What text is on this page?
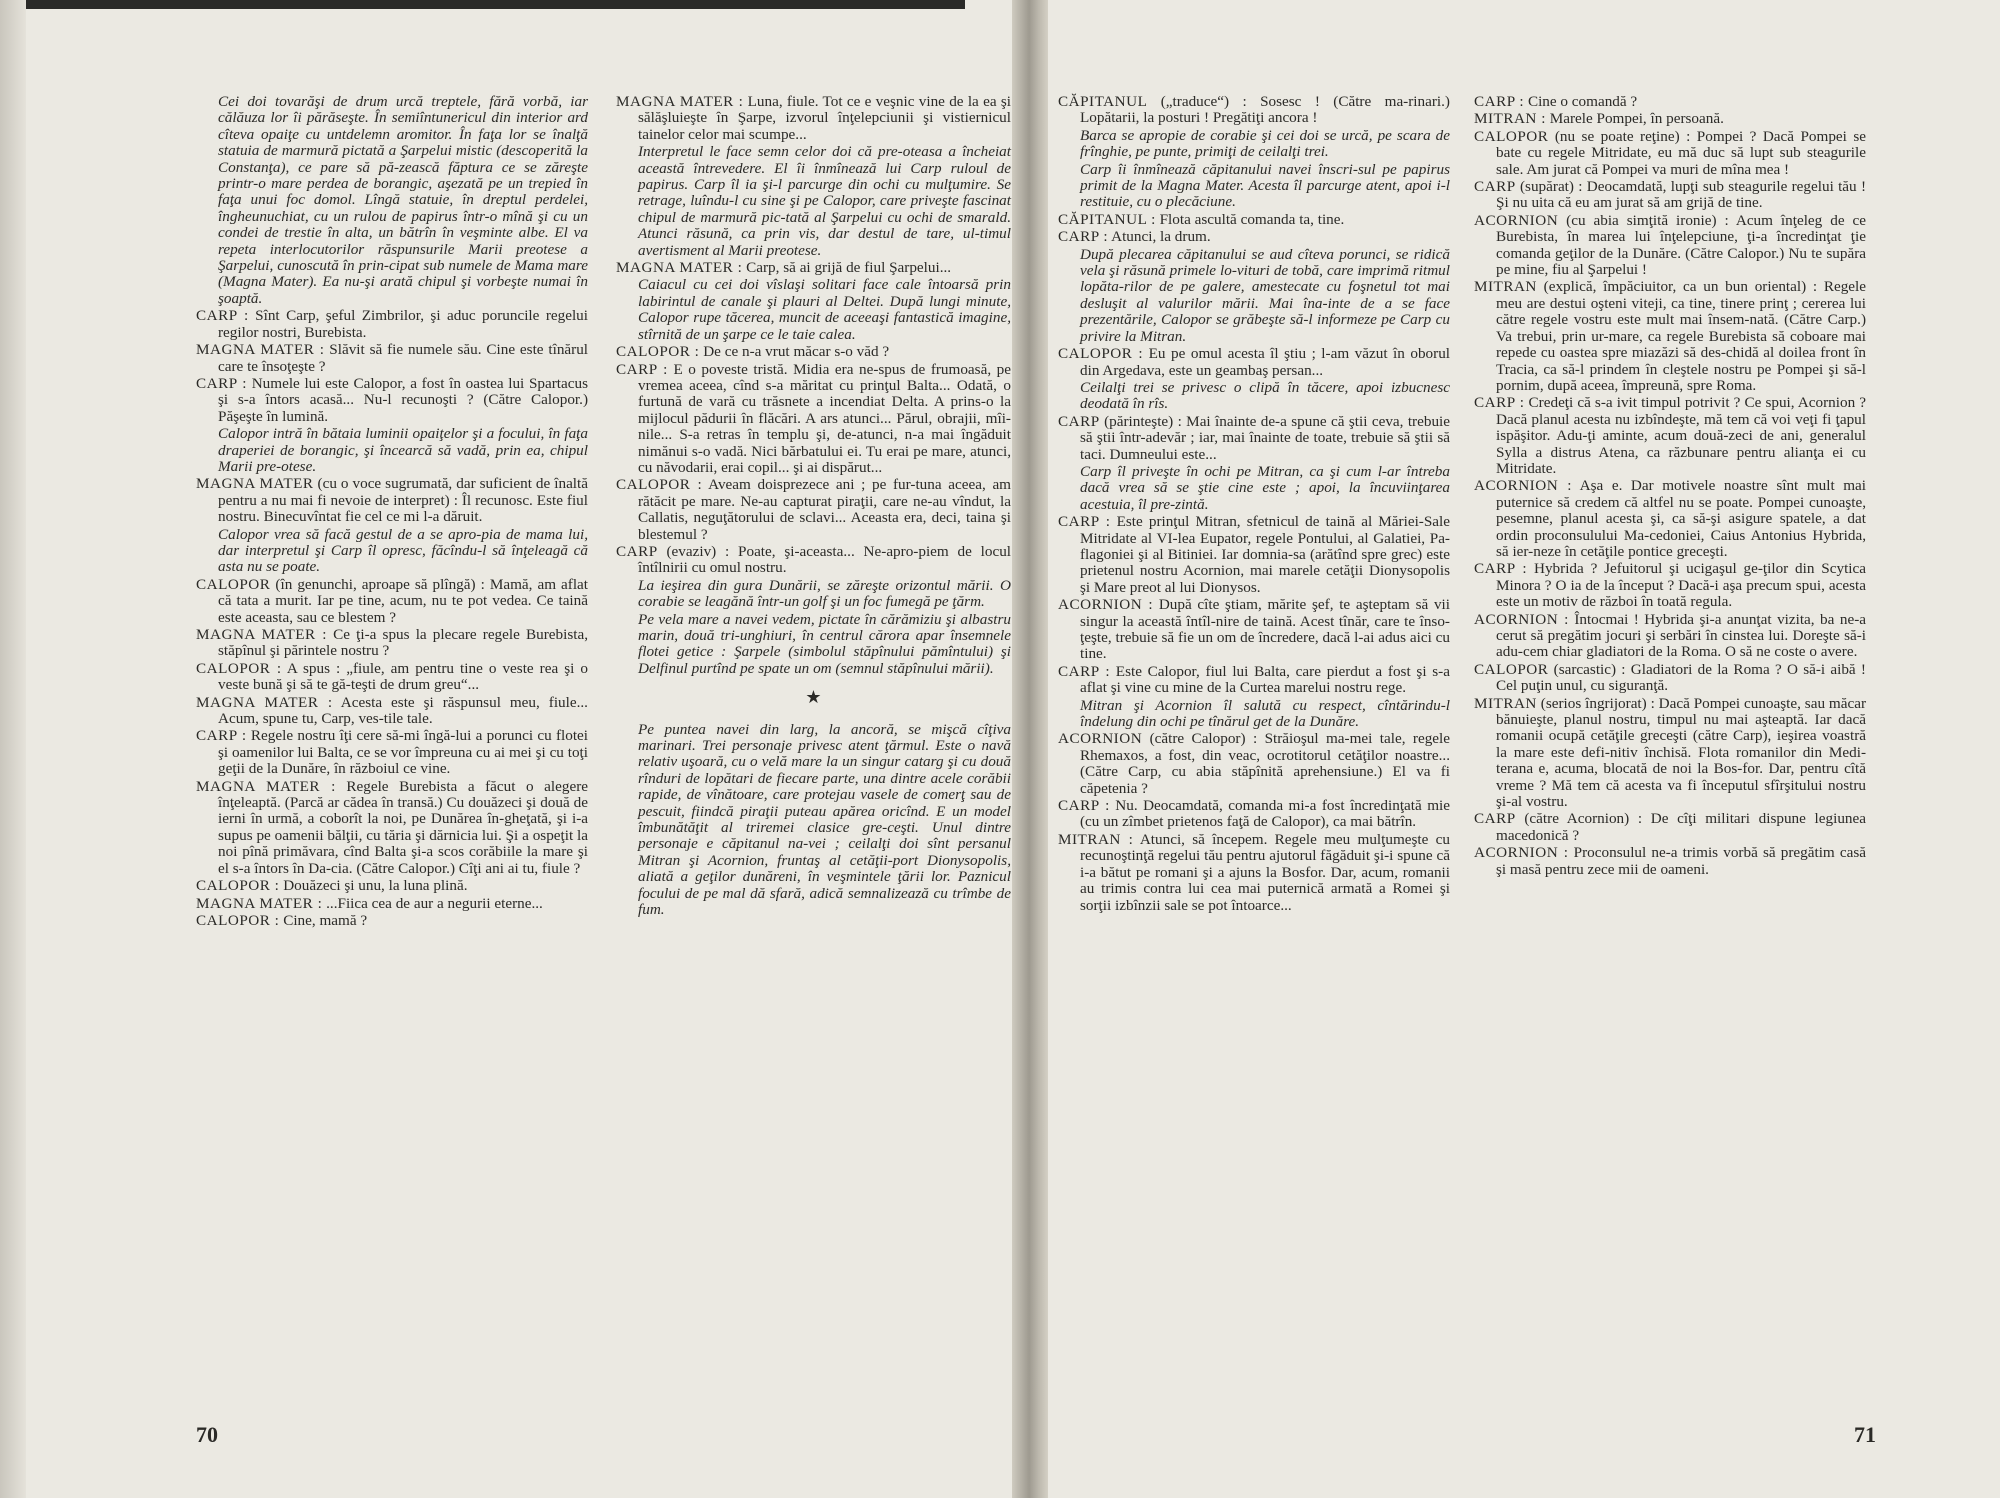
Cei doi tovarăşi de drum urcă treptele, fără vorbă, iar călăuza lor îi părăseşte. În semiîntunericul din interior ard cîteva opaiţe cu untdelemn aromitor. În faţa lor se înalţă statuia de marmură pictată a Şarpelui mistic (descoperită la Constanţa), ce pare să pă-zească făptura ce se zăreşte printr-o mare perdea de borangic, aşezată pe un trepied în faţa unui foc domol. Lîngă statuie, în dreptul perdelei, îngheunuchiat, cu un rulou de papirus într-o mînă şi cu un condei de trestie în alta, un bătrîn în veşminte albe. El va repeta interlocutorilor răspunsurile Marii preotese a Şarpelui, cunoscută în prin-cipat sub numele de Mama mare (Magna Mater). Ea nu-şi arată chipul şi vorbeşte numai în şoaptă.

CARP : Sînt Carp, şeful Zimbrilor, şi aduc poruncile regelui regilor nostri, Burebista.

MAGNA MATER : Slăvit să fie numele său. Cine este tînărul care te însoţeşte ?

CARP : Numele lui este Calopor, a fost în oastea lui Spartacus şi s-a întors acasă... Nu-l recunoşti ? (Către Calopor.) Păşeşte în lumină.

Calopor intră în bătaia luminii opaiţelor şi a focului, în faţa draperiei de borangic, şi încearcă să vadă, prin ea, chipul Marii pre-otese.

MAGNA MATER (cu o voce sugrumată, dar suficient de înaltă pentru a nu mai fi nevoie de interpret) : Îl recunosc. Este fiul nostru. Binecuvîntat fie cel ce mi l-a dăruit.

Calopor vrea să facă gestul de a se apro-pia de mama lui, dar interpretul şi Carp îl opresc, făcîndu-l să înţeleagă că asta nu se poate.

CALOPOR (în genunchi, aproape să plîngă) : Mamă, am aflat că tata a murit. Iar pe tine, acum, nu te pot vedea. Ce taină este aceasta, sau ce blestem ?

MAGNA MATER : Ce ţi-a spus la plecare regele Burebista, stăpînul şi părintele nostru ?

CALOPOR : A spus : „fiule, am pentru tine o veste rea şi o veste bună şi să te gă-teşti de drum greu“...

MAGNA MATER : Acesta este şi răspunsul meu, fiule... Acum, spune tu, Carp, ves-tile tale.

CARP : Regele nostru îţi cere să-mi îngă-lui a porunci cu flotei şi oamenilor lui Balta, ce se vor împreuna cu ai mei şi cu toţi geţii de la Dunăre, în războiul ce vine.

MAGNA MATER : Regele Burebista a făcut o alegere înţeleaptă. (Parcă ar cădea în transă.) Cu douăzeci şi două de ierni în urmă, a coborît la noi, pe Dunărea în-gheţată, şi i-a supus pe oamenii bălţii, cu tăria şi dărnicia lui. Şi a ospeţit la noi pînă primăvara, cînd Balta şi-a scos corăbiile la mare şi el s-a întors în Da-cia. (Către Calopor.) Cîţi ani ai tu, fiule ?

CALOPOR : Douăzeci şi unu, la luna plină.

MAGNA MATER : ...Fiica cea de aur a negurii eterne...

CALOPOR : Cine, mamă ?

MAGNA MATER : Luna, fiule. Tot ce e veşnic vine de la ea şi sălăşluieşte în Şarpe, izvorul înţelepciunii şi vistiernicul tainelor celor mai scumpe...

Interpretul le face semn celor doi că pre-oteasa a încheiat această întrevedere. El îi înmînează lui Carp ruloul de papirus. Carp îl ia şi-l parcurge din ochi cu mulţumire. Se retrage, luîndu-l cu sine şi pe Calopor, care priveşte fascinat chipul de marmură pic-tată al Şarpelui cu ochi de smarald. Atunci răsună, ca prin vis, dar destul de tare, ul-timul avertisment al Marii preotese.

MAGNA MATER : Carp, să ai grijă de fiul Şarpelui...

Caiacul cu cei doi vîslaşi solitari face cale întoarsă prin labirintul de canale şi plauri al Deltei. După lungi minute, Calopor rupe tăcerea, muncit de aceeaşi fantastică imagine, stîrnită de un şarpe ce le taie calea.

CALOPOR : De ce n-a vrut măcar s-o văd ?

CARP : E o poveste tristă. Midia era ne-spus de frumoasă, pe vremea aceea, cînd s-a măritat cu prinţul Balta... Odată, o furtună de vară cu trăsnete a incendiat Delta. A prins-o la mijlocul pădurii în flăcări. A ars atunci... Părul, obrajii, mîi-nile... S-a retras în templu şi, de-atunci, n-a mai îngăduit nimănui s-o vadă. Nici bărbatului ei. Tu erai pe mare, atunci, cu năvodarii, erai copil... şi ai dispărut...

CALOPOR : Aveam doisprezece ani ; pe fur-tuna aceea, am rătăcit pe mare. Ne-au capturat piraţii, care ne-au vîndut, la Callatis, neguţătorului de sclavi... Aceasta era, deci, taina şi blestemul ?

CARP (evaziv) : Poate, şi-aceasta... Ne-apro-piem de locul întîlnirii cu omul nostru.

La ieşirea din gura Dunării, se zăreşte orizontul mării. O corabie se leagănă într-un golf şi un foc fumegă pe ţărm.

Pe vela mare a navei vedem, pictate în cărămiziu şi albastru marin, două tri-unghiuri, în centrul cărora apar însemnele flotei getice : Şarpele (simbolul stăpînului pămîntului) şi Delfinul purtînd pe spate un om (semnul stăpînului mării).

★

Pe puntea navei din larg, la ancoră, se mişcă cîţiva marinari. Trei personaje privesc atent ţărmul. Este o navă relativ uşoară, cu o velă mare la un singur catarg şi cu două rînduri de lopătari de fiecare parte, una dintre acele corăbii rapide, de vînătoare, care protejau vasele de comerţ sau de pescuit, fiindcă piraţii puteau apărea oricînd. E un model îmbunătăţit al triremei clasice gre-ceşti. Unul dintre personaje e căpitanul na-vei ; ceilalţi doi sînt persanul Mitran şi Acornion, fruntaş al cetăţii-port Dionysopolis, aliată a geţilor dunăreni, în veşmintele ţării lor. Paznicul focului de pe mal dă sfară, adică semnalizează cu trîmbe de fum.

70

CĂPITANUL („traduce“) : Sosesc ! (Către ma-rinari.) Lopătarii, la posturi ! Pregătiţi ancora !

Barca se apropie de corabie şi cei doi se urcă, pe scara de frînghie, pe punte, primiţi de ceilalţi trei.

Carp îi înmînează căpitanului navei înscri-sul pe papirus primit de la Magna Mater. Acesta îl parcurge atent, apoi i-l restituie, cu o plecăciune.

CĂPITANUL : Flota ascultă comanda ta, tine.

CARP : Atunci, la drum.

După plecarea căpitanului se aud cîteva porunci, se ridică vela şi răsună primele lo-vituri de tobă, care imprimă ritmul lopăta-rilor de pe galere, amestecate cu foşnetul tot mai desluşit al valurilor mării. Mai îna-inte de a se face prezentările, Calopor se grăbeşte să-l informeze pe Carp cu privire la Mitran.

CALOPOR : Eu pe omul acesta îl ştiu ; l-am văzut în oborul din Argedava, este un geambaş persan...

Ceilalţi trei se privesc o clipă în tăcere, apoi izbucnesc deodată în rîs.

CARP (părinteşte) : Mai înainte de-a spune că ştii ceva, trebuie să ştii într-adevăr ; iar, mai înainte de toate, trebuie să ştii să taci. Dumneului este...

Carp îl priveşte în ochi pe Mitran, ca şi cum l-ar întreba dacă vrea să se ştie cine este ; apoi, la încuviinţarea acestuia, îl pre-zintă.

CARP : Este prinţul Mitran, sfetnicul de taină al Măriei-Sale Mitridate al VI-lea Eupator, regele Pontului, al Galatiei, Pa-flagoniei şi al Bitiniei. Iar domnia-sa (arătînd spre grec) este prietenul nostru Acornion, mai marele cetăţii Dionysopolis şi Mare preot al lui Dionysos.

ACORNION : După cîte ştiam, mărite şef, te aşteptam să vii singur la această întîl-nire de taină. Acest tînăr, care te înso-ţeşte, trebuie să fie un om de încredere, dacă l-ai adus aici cu tine.

CARP : Este Calopor, fiul lui Balta, care pierdut a fost şi s-a aflat şi vine cu mine de la Curtea marelui nostru rege.

Mitran şi Acornion îl salută cu respect, cîntărindu-l îndelung din ochi pe tînărul get de la Dunăre.

ACORNION (către Calopor) : Străioşul ma-mei tale, regele Rhemaxos, a fost, din veac, ocrotitorul cetăţilor noastre... (Către Carp, cu abia stăpînită aprehensiune.) El va fi căpetenia ?

CARP : Nu. Deocamdată, comanda mi-a fost încredinţată mie (cu un zîmbet prietenos faţă de Calopor), ca mai bătrîn.

MITRAN : Atunci, să începem. Regele meu mulţumeşte cu recunoştinţă regelui tău pentru ajutorul făgăduit şi-i spune că i-a bătut pe romani şi a ajuns la Bosfor. Dar, acum, romanii au trimis contra lui cea mai puternică armată a Romei şi sorţii izbînzii sale se pot întoarce...

CARP : Cine o comandă ?

MITRAN : Marele Pompei, în persoană.

CALOPOR (nu se poate reţine) : Pompei ? Dacă Pompei se bate cu regele Mitridate, eu mă duc să lupt sub steagurile sale. Am jurat că Pompei va muri de mîna mea !

CARP (supărat) : Deocamdată, lupţi sub steagurile regelui tău ! Şi nu uita că eu am jurat să am grijă de tine.

ACORNION (cu abia simţită ironie) : Acum înţeleg de ce Burebista, în marea lui înţelepciune, ţi-a încredinţat ţie comanda geţilor de la Dunăre. (Către Calopor.) Nu te supăra pe mine, fiu al Şarpelui !

MITRAN (explică, împăciuitor, ca un bun oriental) : Regele meu are destui oşteni viteji, ca tine, tinere prinţ ; cererea lui către regele vostru este mult mai însem-nată. (Către Carp.) Va trebui, prin ur-mare, ca regele Burebista să coboare mai repede cu oastea spre miazăzi să des-chidă al doilea front în Tracia, ca să-l prindem în cleştele nostru pe Pompei şi să-l pornim, după aceea, împreună, spre Roma.

CARP : Credeţi că s-a ivit timpul potrivit ? Ce spui, Acornion ? Dacă planul acesta nu izbîndeşte, mă tem că voi veţi fi ţapul ispăşitor. Adu-ţi aminte, acum două-zeci de ani, generalul Sylla a distrus Atena, ca răzbunare pentru alianţa ei cu Mitridate.

ACORNION : Aşa e. Dar motivele noastre sînt mult mai puternice să credem că altfel nu se poate. Pompei cunoaşte, pesemne, planul acesta şi, ca să-şi asigure spatele, a dat ordin proconsulului Ma-cedoniei, Caius Antonius Hybrida, să ier-neze în cetăţile pontice greceşti.

CARP : Hybrida ? Jefuitorul şi ucigaşul ge-ţilor din Scytica Minora ? O ia de la început ? Dacă-i aşa precum spui, acesta este un motiv de război în toată regula.

ACORNION : Întocmai ! Hybrida şi-a anunţat vizita, ba ne-a cerut să pregătim jocuri şi serbări în cinstea lui. Doreşte să-i adu-cem chiar gladiatori de la Roma. O să ne coste o avere.

CALOPOR (sarcastic) : Gladiatori de la Roma ? O să-i aibă ! Cel puţin unul, cu siguranţă.

MITRAN (serios îngrijorat) : Dacă Pompei cunoaşte, sau măcar bănuieşte, planul nostru, timpul nu mai aşteaptă. Iar dacă romanii ocupă cetăţile greceşti (către Carp), ieşirea voastră la mare este defi-nitiv închisă. Flota romanilor din Medi-terana e, acuma, blocată de noi la Bos-for. Dar, pentru cîtă vreme ? Mă tem că acesta va fi începutul sfîrşitului nostru şi-al vostru.

CARP (către Acornion) : De cîţi militari dispune legiunea macedonică ?

ACORNION : Proconsulul ne-a trimis vorbă să pregătim casă şi masă pentru zece mii de oameni.

71
